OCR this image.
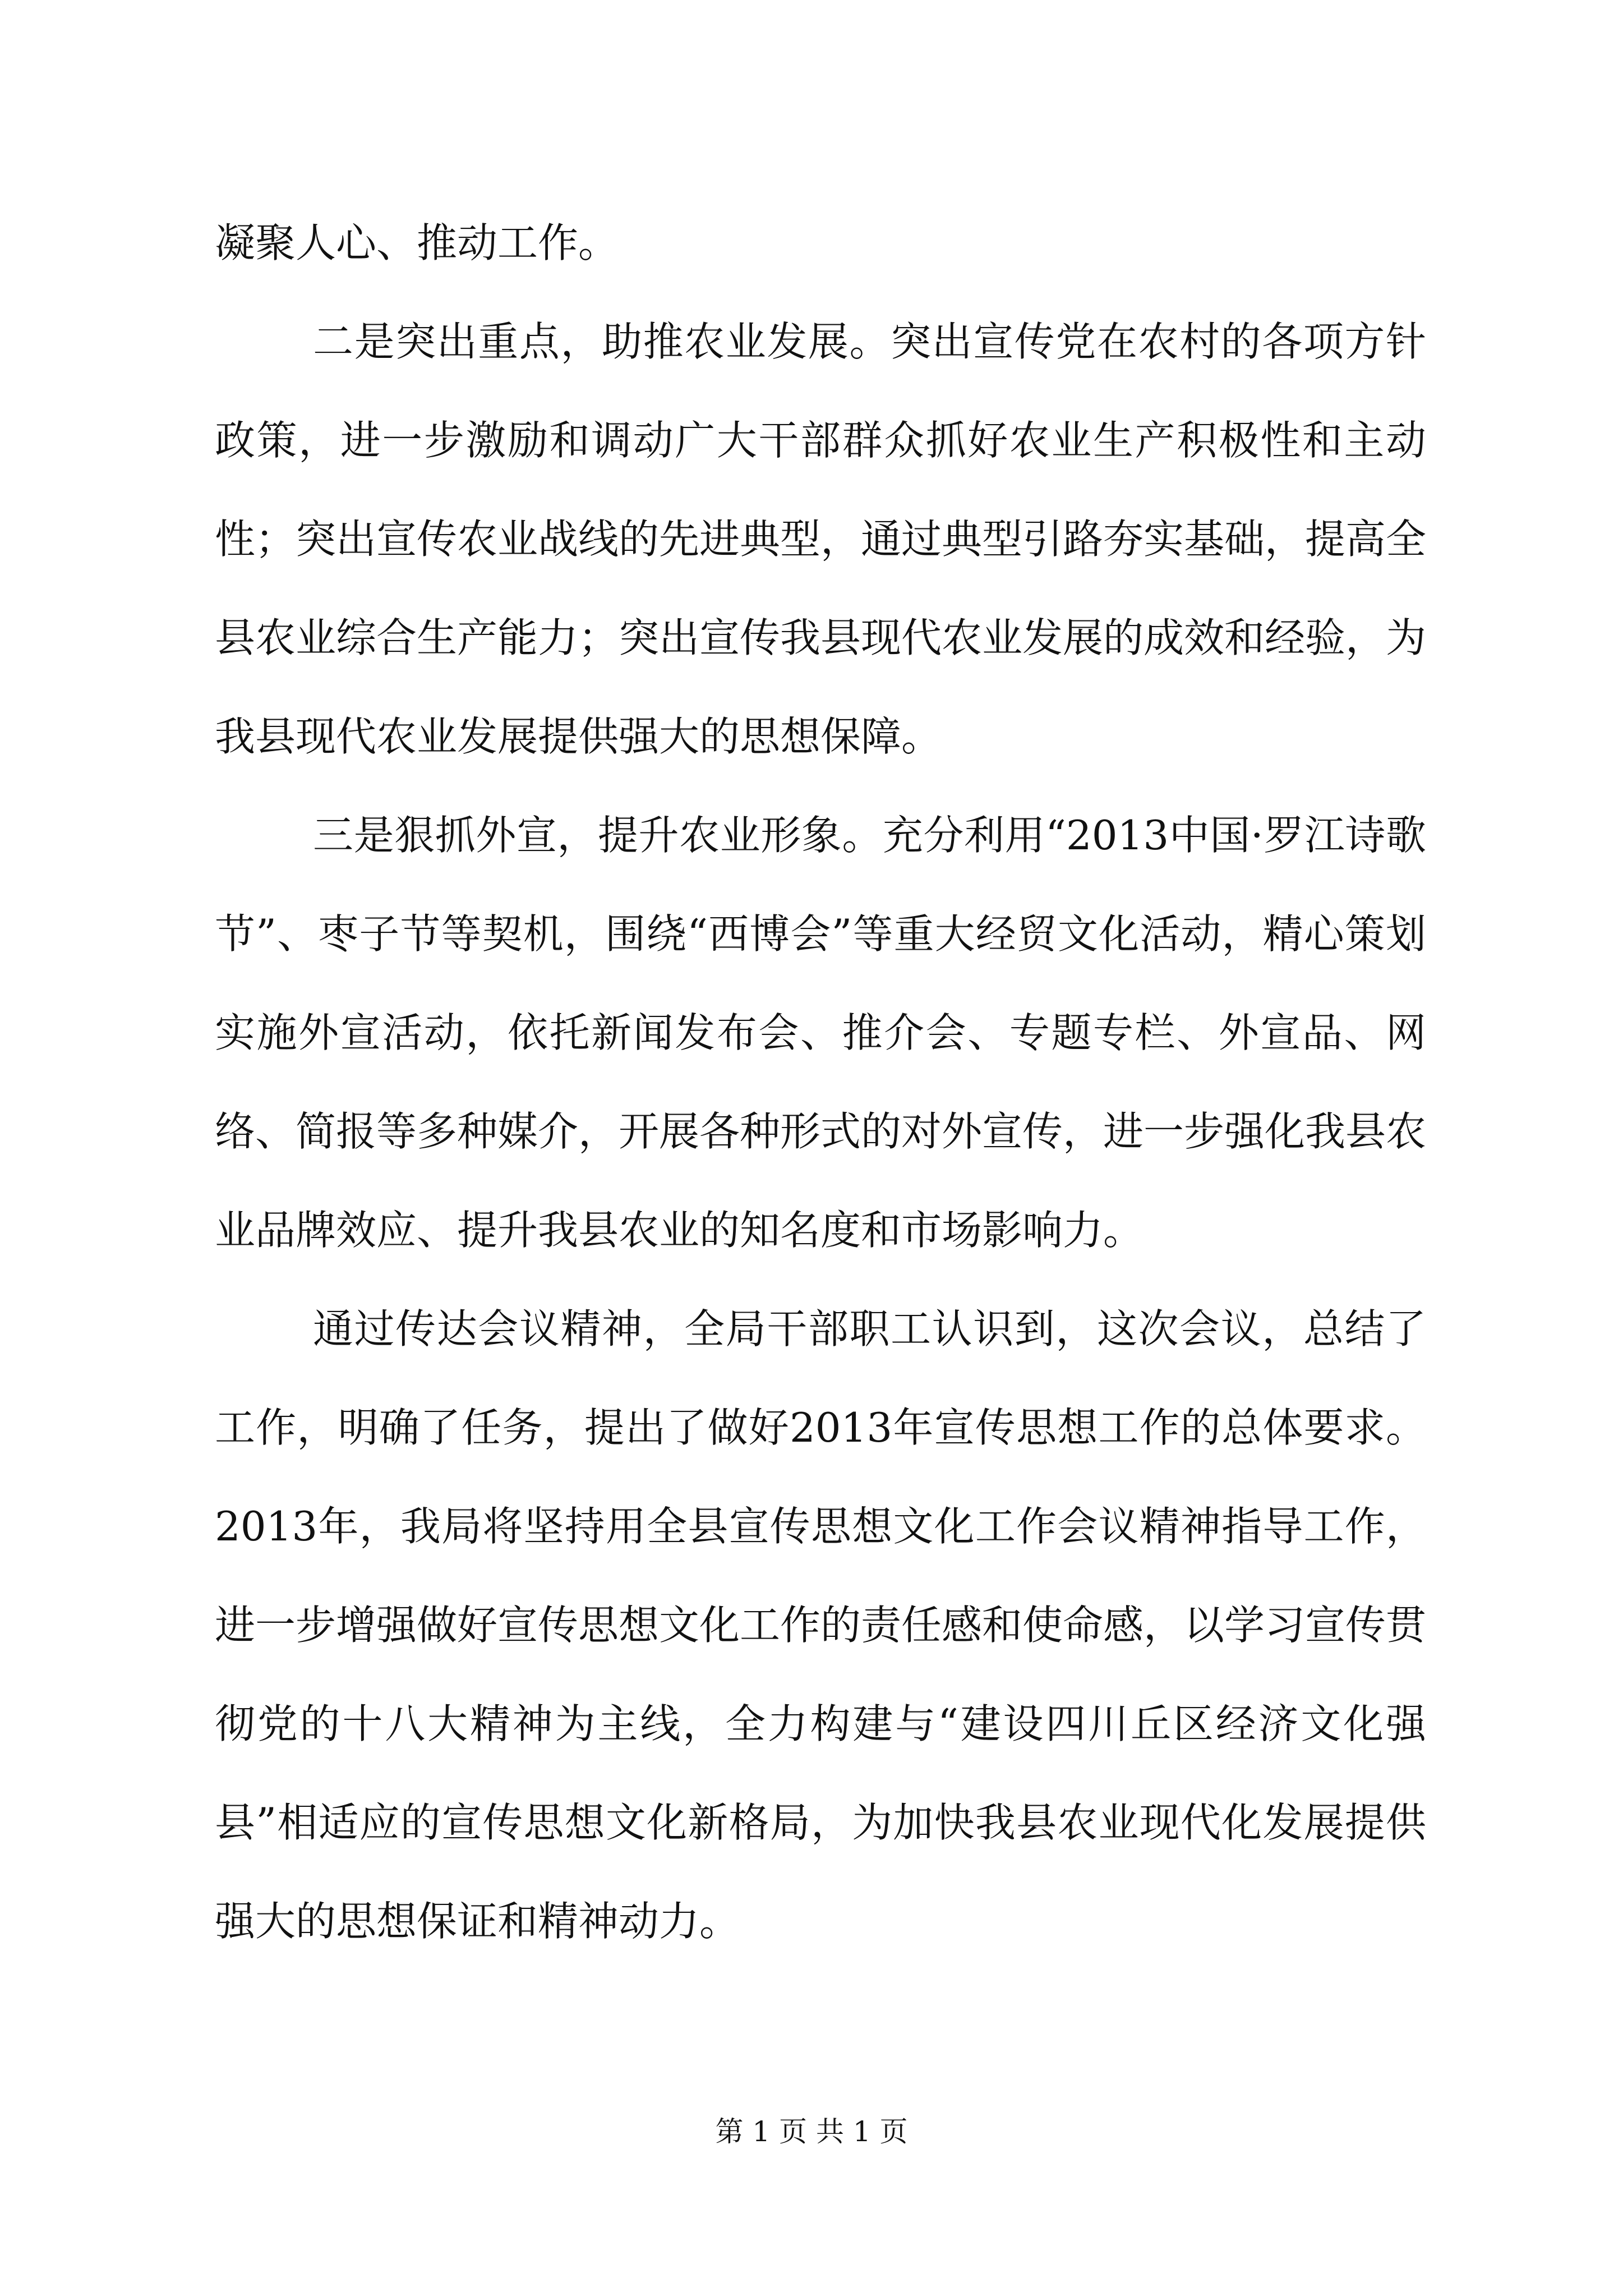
凝聚人心、推动工作。

二是突出重点，助推农业发展。突出宣传党在农村的各项方针政策，进一步激励和调动广大干部群众抓好农业生产积极性和主动性；突出宣传农业战线的先进典型，通过典型引路夯实基础，提高全县农业综合生产能力；突出宣传我县现代农业发展的成效和经验，为我县现代农业发展提供强大的思想保障。

三是狠抓外宣，提升农业形象。充分利用“2013中国·罗江诗歌节”、枣子节等契机，围绕“西博会”等重大经贸文化活动，精心策划实施外宣活动，依托新闻发布会、推介会、专题专栏、外宣品、网络、简报等多种媒介，开展各种形式的对外宣传，进一步强化我县农业品牌效应、提升我县农业的知名度和市场影响力。

通过传达会议精神，全局干部职工认识到，这次会议，总结了工作，明确了任务，提出了做好2013年宣传思想工作的总体要求。2013年，我局将坚持用全县宣传思想文化工作会议精神指导工作，进一步增强做好宣传思想文化工作的责任感和使命感，以学习宣传贯彻党的十八大精神为主线，全力构建与“建设四川丘区经济文化强县”相适应的宣传思想文化新格局，为加快我县农业现代化发展提供强大的思想保证和精神动力。

第 1 页 共 1 页
